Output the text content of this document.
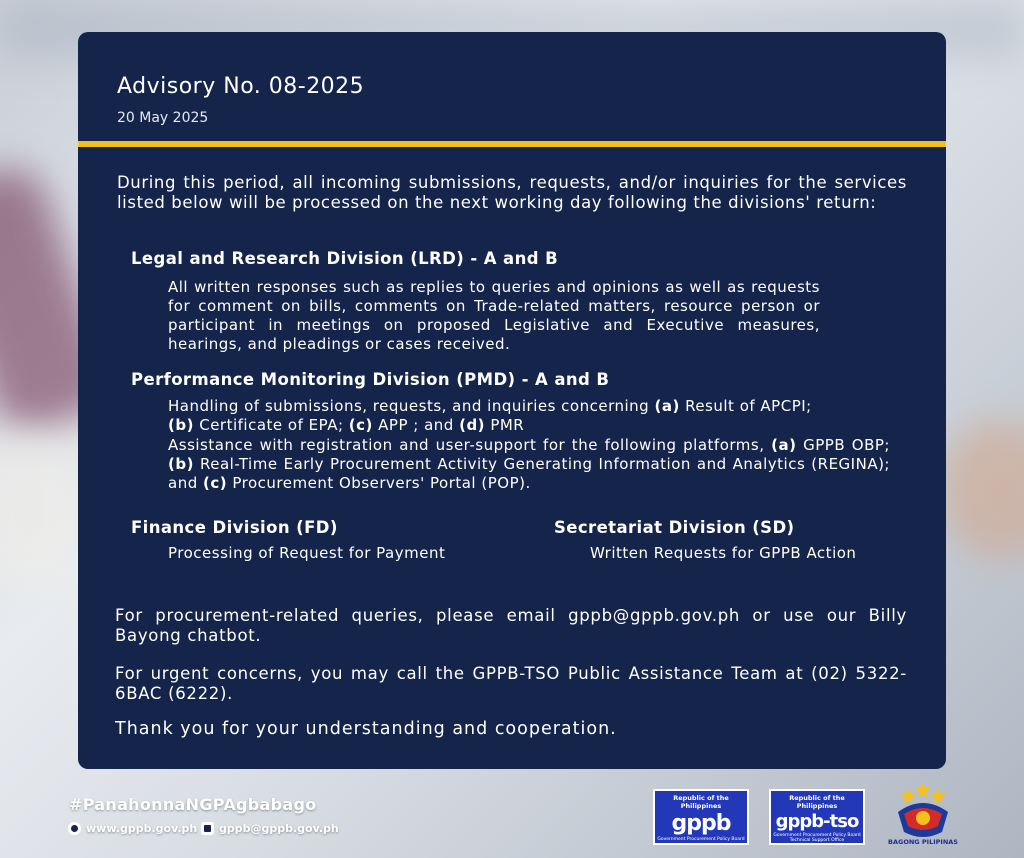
Advisory No. 08-2025
20 May 2025
During this period, all incoming submissions, requests, and/or inquiries for the services listed below will be processed on the next working day following the divisions' return:
Legal and Research Division (LRD) - A and B
All written responses such as replies to queries and opinions as well as requests for comment on bills, comments on Trade-related matters, resource person or participant in meetings on proposed Legislative and Executive measures, hearings, and pleadings or cases received.
Performance Monitoring Division (PMD) - A and B
Handling of submissions, requests, and inquiries concerning (a) Result of APCPI;
(b) Certificate of EPA; (c) APP ; and (d) PMR
Assistance with registration and user-support for the following platforms, (a) GPPB OBP; (b) Real-Time Early Procurement Activity Generating Information and Analytics (REGINA); and (c) Procurement Observers' Portal (POP).
Finance Division (FD)
Processing of Request for Payment
Secretariat Division (SD)
Written Requests for GPPB Action
For procurement-related queries, please email gppb@gppb.gov.ph or use our Billy Bayong chatbot.
For urgent concerns, you may call the GPPB-TSO Public Assistance Team at (02) 5322-6BAC (6222).
Thank you for your understanding and cooperation.
#PanahonnaNGPAgbabago
www.gppb.gov.ph gppb@gppb.gov.ph
Republic of the Philippines
gppb
Government Procurement Policy Board
Republic of the Philippines
gppb-tso
Government Procurement Policy Board Technical Support Office	BAGONG PILIPINAS
